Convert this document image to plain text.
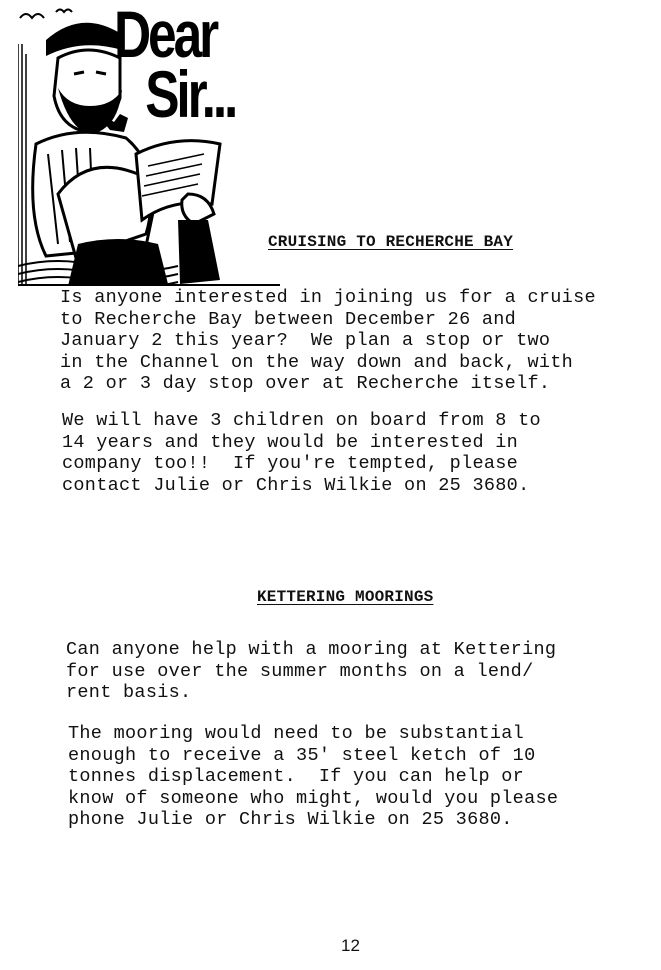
Dear
Sir...
CRUISING TO RECHERCHE BAY
Is anyone interested in joining us for a cruise
to Recherche Bay between December 26 and
January 2 this year?  We plan a stop or two
in the Channel on the way down and back, with
a 2 or 3 day stop over at Recherche itself.
We will have 3 children on board from 8 to
14 years and they would be interested in
company too!!  If you're tempted, please
contact Julie or Chris Wilkie on 25 3680.
KETTERING MOORINGS
Can anyone help with a mooring at Kettering
for use over the summer months on a lend/
rent basis.
The mooring would need to be substantial
enough to receive a 35' steel ketch of 10
tonnes displacement.  If you can help or
know of someone who might, would you please
phone Julie or Chris Wilkie on 25 3680.
12
